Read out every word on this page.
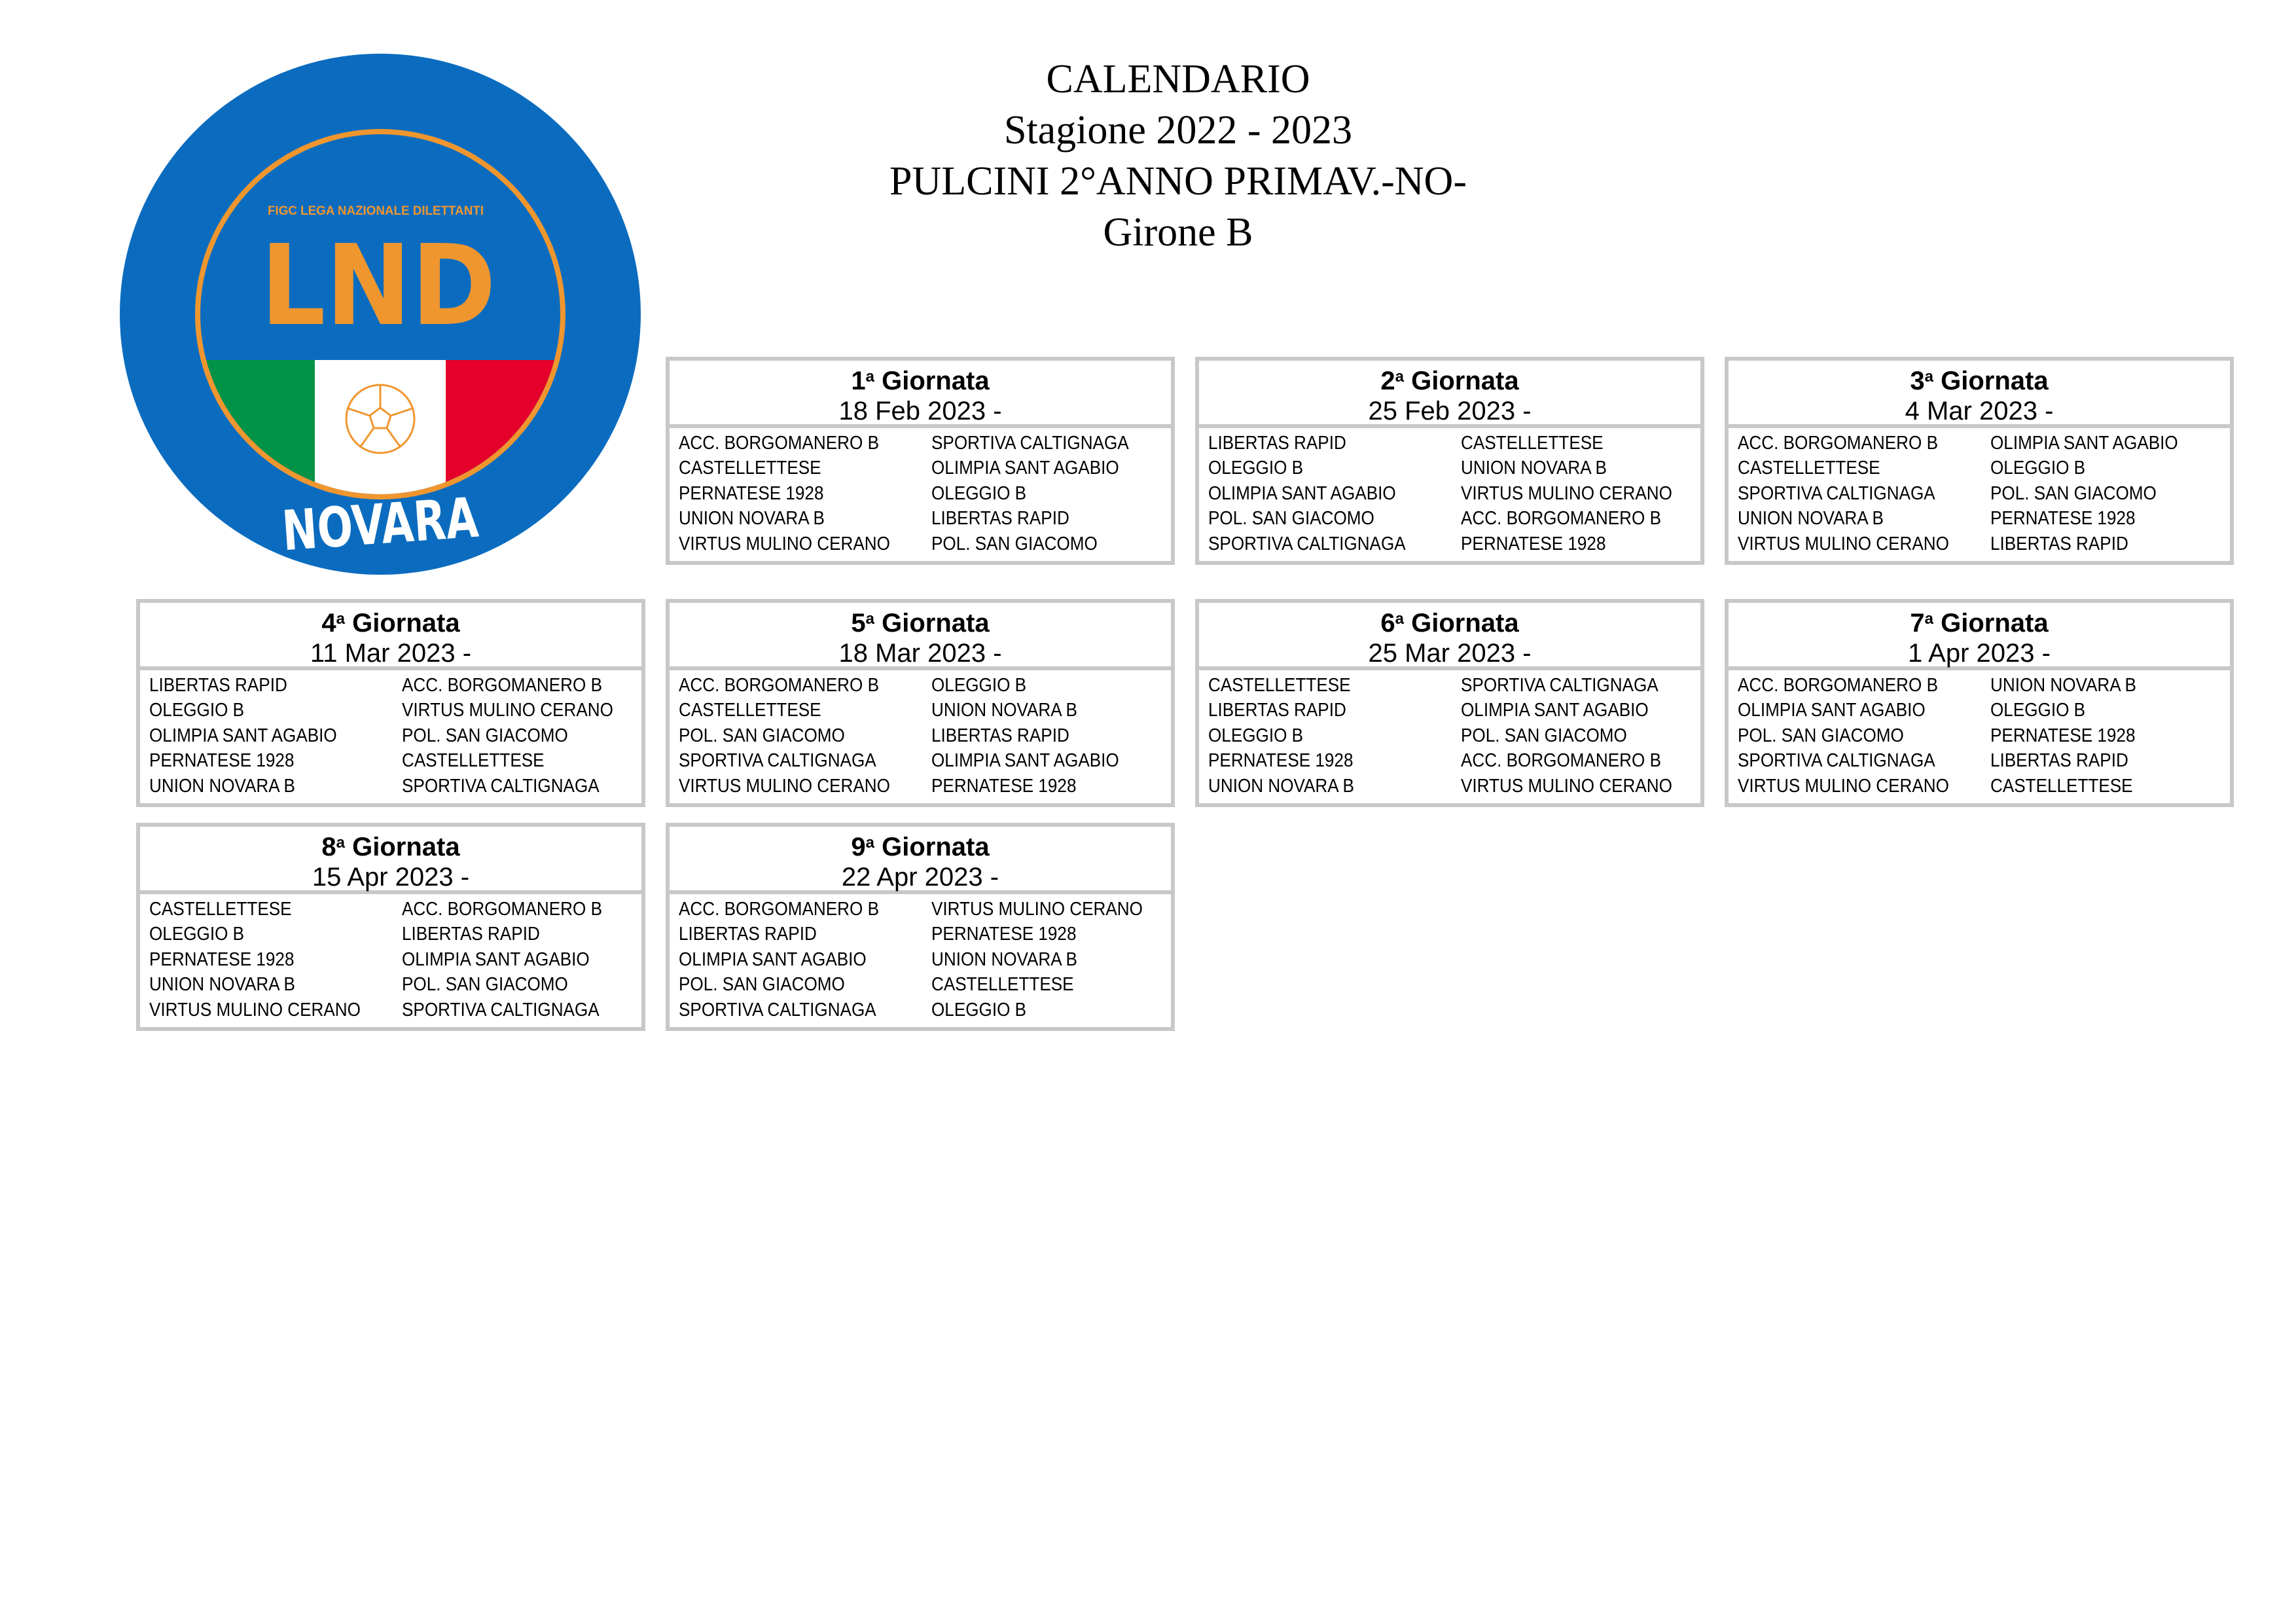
FIGC LEGA NAZIONALE DILETTANTI
LND
NOVARA
CALENDARIO
Stagione 2022 - 2023
PULCINI 2°ANNO PRIMAV.-NO-
Girone B
1$^a$ Giornata
18 Feb 2023 -
ACC. BORGOMANERO B	SPORTIVA CALTIGNAGA
CASTELLETTESE	OLIMPIA SANT AGABIO
PERNATESE 1928	OLEGGIO B
UNION NOVARA B	LIBERTAS RAPID
VIRTUS MULINO CERANO	POL. SAN GIACOMO
2$^a$ Giornata
25 Feb 2023 -
LIBERTAS RAPID	CASTELLETTESE
OLEGGIO B	UNION NOVARA B
OLIMPIA SANT AGABIO	VIRTUS MULINO CERANO
POL. SAN GIACOMO	ACC. BORGOMANERO B
SPORTIVA CALTIGNAGA	PERNATESE 1928
3$^a$ Giornata
4 Mar 2023 -
ACC. BORGOMANERO B	OLIMPIA SANT AGABIO
CASTELLETTESE	OLEGGIO B
SPORTIVA CALTIGNAGA	POL. SAN GIACOMO
UNION NOVARA B	PERNATESE 1928
VIRTUS MULINO CERANO	LIBERTAS RAPID
4$^a$ Giornata
11 Mar 2023 -
LIBERTAS RAPID	ACC. BORGOMANERO B
OLEGGIO B	VIRTUS MULINO CERANO
OLIMPIA SANT AGABIO	POL. SAN GIACOMO
PERNATESE 1928	CASTELLETTESE
UNION NOVARA B	SPORTIVA CALTIGNAGA
5$^a$ Giornata
18 Mar 2023 -
ACC. BORGOMANERO B	OLEGGIO B
CASTELLETTESE	UNION NOVARA B
POL. SAN GIACOMO	LIBERTAS RAPID
SPORTIVA CALTIGNAGA	OLIMPIA SANT AGABIO
VIRTUS MULINO CERANO	PERNATESE 1928
6$^a$ Giornata
25 Mar 2023 -
CASTELLETTESE	SPORTIVA CALTIGNAGA
LIBERTAS RAPID	OLIMPIA SANT AGABIO
OLEGGIO B	POL. SAN GIACOMO
PERNATESE 1928	ACC. BORGOMANERO B
UNION NOVARA B	VIRTUS MULINO CERANO
7$^a$ Giornata
1 Apr 2023 -
ACC. BORGOMANERO B	UNION NOVARA B
OLIMPIA SANT AGABIO	OLEGGIO B
POL. SAN GIACOMO	PERNATESE 1928
SPORTIVA CALTIGNAGA	LIBERTAS RAPID
VIRTUS MULINO CERANO	CASTELLETTESE
8$^a$ Giornata
15 Apr 2023 -
CASTELLETTESE	ACC. BORGOMANERO B
OLEGGIO B	LIBERTAS RAPID
PERNATESE 1928	OLIMPIA SANT AGABIO
UNION NOVARA B	POL. SAN GIACOMO
VIRTUS MULINO CERANO	SPORTIVA CALTIGNAGA
9$^a$ Giornata
22 Apr 2023 -
ACC. BORGOMANERO B	VIRTUS MULINO CERANO
LIBERTAS RAPID	PERNATESE 1928
OLIMPIA SANT AGABIO	UNION NOVARA B
POL. SAN GIACOMO	CASTELLETTESE
SPORTIVA CALTIGNAGA	OLEGGIO B
